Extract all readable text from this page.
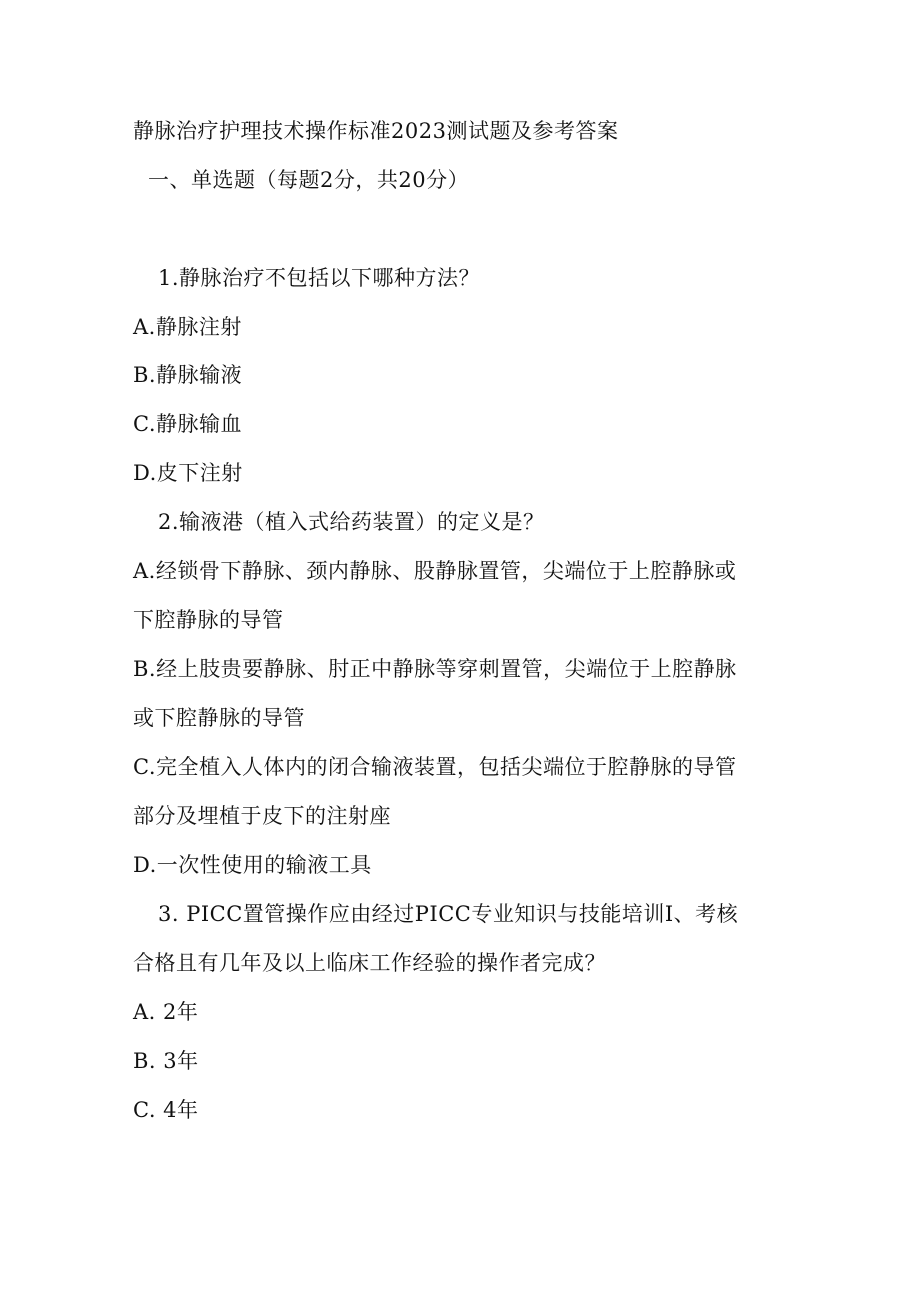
静脉治疗护理技术操作标准2023测试题及参考答案
一、单选题（每题2分，共20分）
1.静脉治疗不包括以下哪种方法？
A.静脉注射
B.静脉输液
C.静脉输血
D.皮下注射
2.输液港（植入式给药装置）的定义是？
A.经锁骨下静脉、颈内静脉、股静脉置管，尖端位于上腔静脉或
下腔静脉的导管
B.经上肢贵要静脉、肘正中静脉等穿刺置管，尖端位于上腔静脉
或下腔静脉的导管
C.完全植入人体内的闭合输液装置，包括尖端位于腔静脉的导管
部分及埋植于皮下的注射座
D.一次性使用的输液工具
3. PICC置管操作应由经过PICC专业知识与技能培训I、考核
合格且有几年及以上临床工作经验的操作者完成？
A. 2年
B. 3年
C. 4年
